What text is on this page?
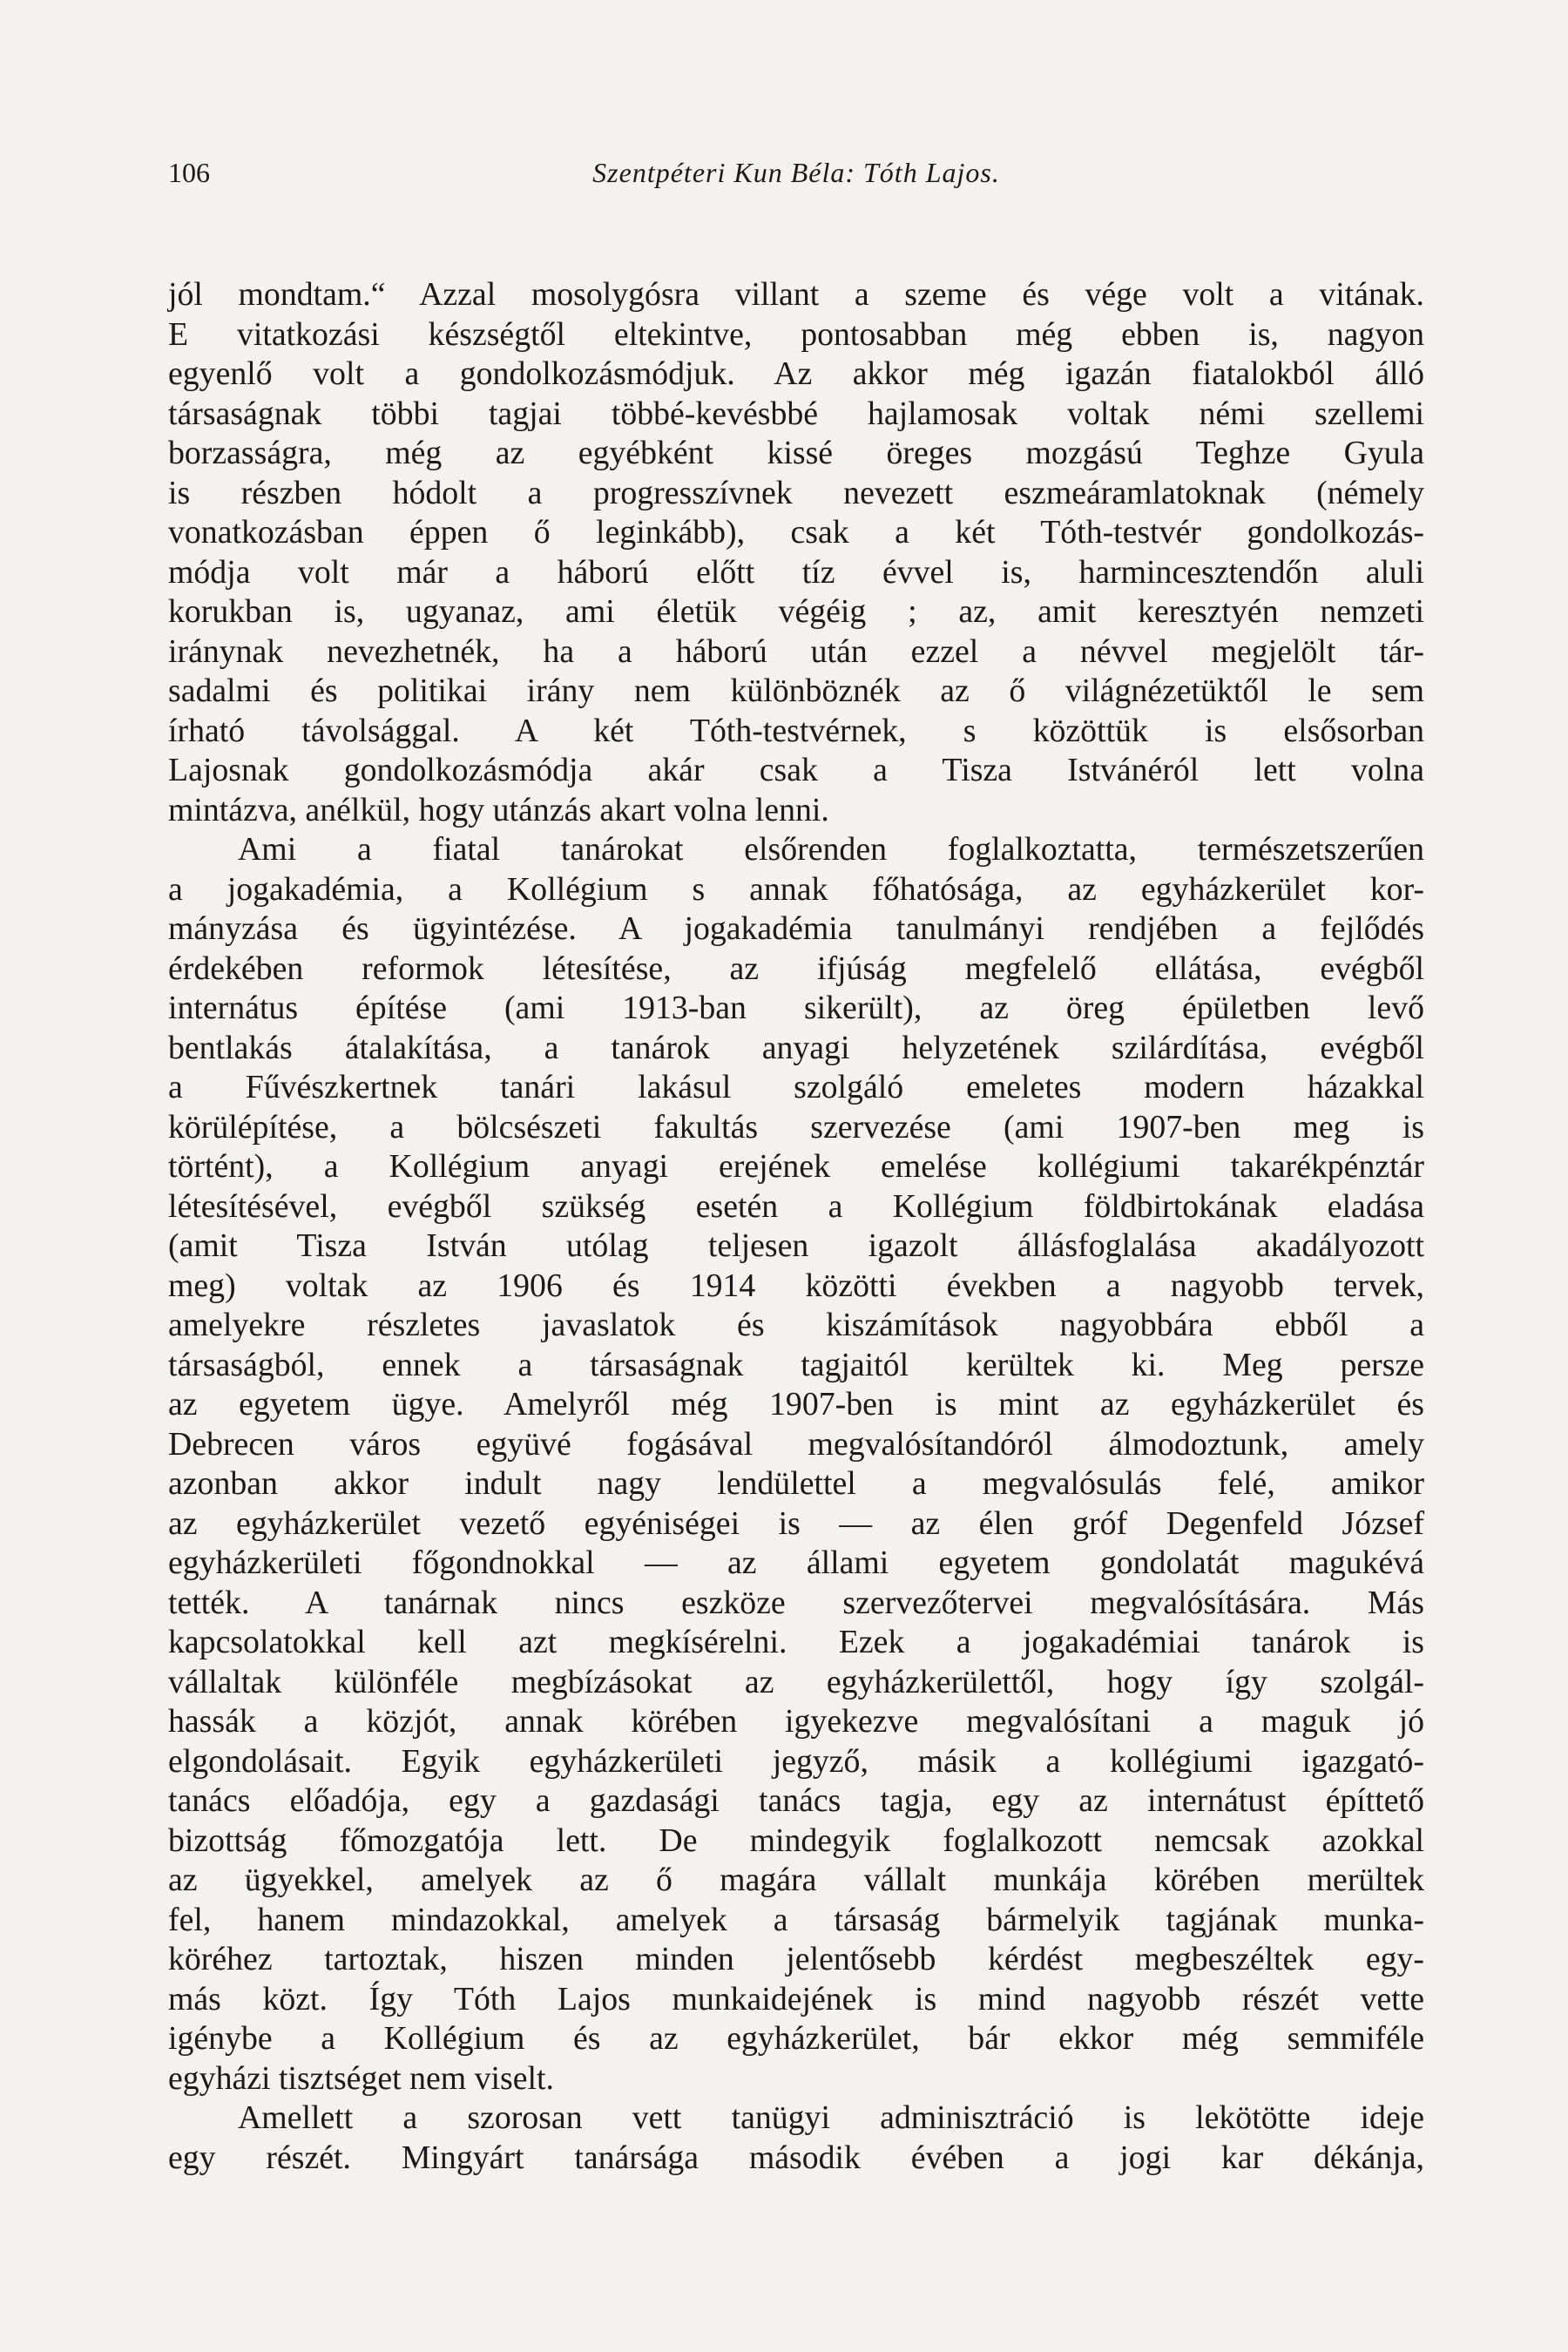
106	Szentpéteri Kun Béla: Tóth Lajos.

jól mondtam.“ Azzal mosolygósra villant a szeme és vége volt a vitának.

E vitatkozási készségtől eltekintve, pontosabban még ebben is, nagyon

egyenlő volt a gondolkozásmódjuk. Az akkor még igazán fiatalokból álló

társaságnak többi tagjai többé-kevésbbé hajlamosak voltak némi szellemi

borzasságra, még az egyébként kissé öreges mozgású Teghze Gyula

is részben hódolt a progresszívnek nevezett eszmeáramlatoknak (némely

vonatkozásban éppen ő leginkább), csak a két Tóth-testvér gondolkozás-

módja volt már a háború előtt tíz évvel is, harmincesztendőn aluli

korukban is, ugyanaz, ami életük végéig ; az, amit keresztyén nemzeti

iránynak nevezhetnék, ha a háború után ezzel a névvel megjelölt tár-

sadalmi és politikai irány nem különböznék az ő világnézetüktől le sem

írható távolsággal. A két Tóth-testvérnek, s közöttük is elsősorban

Lajosnak gondolkozásmódja akár csak a Tisza Istvánéról lett volna

mintázva, anélkül, hogy utánzás akart volna lenni.

Ami a fiatal tanárokat elsőrenden foglalkoztatta, természetszerűen

a jogakadémia, a Kollégium s annak főhatósága, az egyházkerület kor-

mányzása és ügyintézése. A jogakadémia tanulmányi rendjében a fejlődés

érdekében reformok létesítése, az ifjúság megfelelő ellátása, evégből

internátus építése (ami 1913-ban sikerült), az öreg épületben levő

bentlakás átalakítása, a tanárok anyagi helyzetének szilárdítása, evégből

a Fűvészkertnek tanári lakásul szolgáló emeletes modern házakkal

körülépítése, a bölcsészeti fakultás szervezése (ami 1907-ben meg is

történt), a Kollégium anyagi erejének emelése kollégiumi takarékpénztár

létesítésével, evégből szükség esetén a Kollégium földbirtokának eladása

(amit Tisza István utólag teljesen igazolt állásfoglalása akadályozott

meg) voltak az 1906 és 1914 közötti években a nagyobb tervek,

amelyekre részletes javaslatok és kiszámítások nagyobbára ebből a

társaságból, ennek a társaságnak tagjaitól kerültek ki. Meg persze

az egyetem ügye. Amelyről még 1907-ben is mint az egyházkerület és

Debrecen város együvé fogásával megvalósítandóról álmodoztunk, amely

azonban akkor indult nagy lendülettel a megvalósulás felé, amikor

az egyházkerület vezető egyéniségei is — az élen gróf Degenfeld József

egyházkerületi főgondnokkal — az állami egyetem gondolatát magukévá

tették. A tanárnak nincs eszköze szervezőtervei megvalósítására. Más

kapcsolatokkal kell azt megkísérelni. Ezek a jogakadémiai tanárok is

vállaltak különféle megbízásokat az egyházkerülettől, hogy így szolgál-

hassák a közjót, annak körében igyekezve megvalósítani a maguk jó

elgondolásait. Egyik egyházkerületi jegyző, másik a kollégiumi igazgató-

tanács előadója, egy a gazdasági tanács tagja, egy az internátust építtető

bizottság főmozgatója lett. De mindegyik foglalkozott nemcsak azokkal

az ügyekkel, amelyek az ő magára vállalt munkája körében merültek

fel, hanem mindazokkal, amelyek a társaság bármelyik tagjának munka-

köréhez tartoztak, hiszen minden jelentősebb kérdést megbeszéltek egy-

más közt. Így Tóth Lajos munkaidejének is mind nagyobb részét vette

igénybe a Kollégium és az egyházkerület, bár ekkor még semmiféle

egyházi tisztséget nem viselt.

Amellett a szorosan vett tanügyi adminisztráció is lekötötte ideje

egy részét. Mingyárt tanársága második évében a jogi kar dékánja,
